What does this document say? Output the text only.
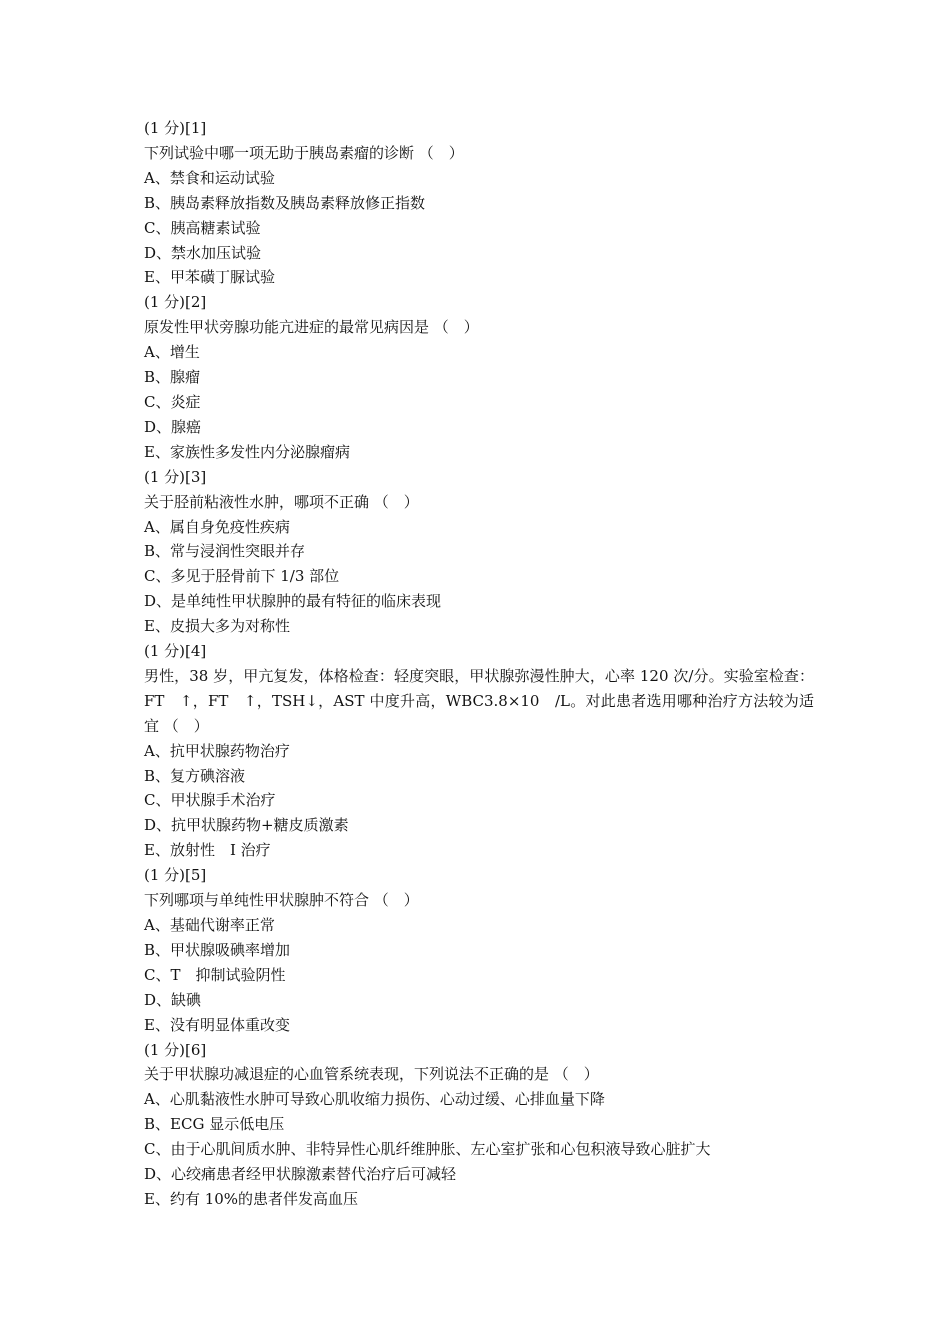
(1 分)[1]
下列试验中哪一项无助于胰岛素瘤的诊断 （　）
A、禁食和运动试验
B、胰岛素释放指数及胰岛素释放修正指数
C、胰高糖素试验
D、禁水加压试验
E、甲苯磺丁脲试验
(1 分)[2]
原发性甲状旁腺功能亢进症的最常见病因是 （　）
A、增生
B、腺瘤
C、炎症
D、腺癌
E、家族性多发性内分泌腺瘤病
(1 分)[3]
关于胫前粘液性水肿，哪项不正确 （　）
A、属自身免疫性疾病
B、常与浸润性突眼并存
C、多见于胫骨前下 1/3 部位
D、是单纯性甲状腺肿的最有特征的临床表现
E、皮损大多为对称性
(1 分)[4]
男性，38 岁，甲亢复发，体格检查：轻度突眼，甲状腺弥漫性肿大，心率 120 次/分。实验室检查：FT　↑，FT　↑，TSH↓，AST 中度升高，WBC3.8×10　/L。对此患者选用哪种治疗方法较为适宜 （　）
A、抗甲状腺药物治疗
B、复方碘溶液
C、甲状腺手术治疗
D、抗甲状腺药物+糖皮质激素
E、放射性　I 治疗
(1 分)[5]
下列哪项与单纯性甲状腺肿不符合 （　）
A、基础代谢率正常
B、甲状腺吸碘率增加
C、T　抑制试验阴性
D、缺碘
E、没有明显体重改变
(1 分)[6]
关于甲状腺功减退症的心血管系统表现，下列说法不正确的是 （　）
A、心肌黏液性水肿可导致心肌收缩力损伤、心动过缓、心排血量下降
B、ECG 显示低电压
C、由于心肌间质水肿、非特异性心肌纤维肿胀、左心室扩张和心包积液导致心脏扩大
D、心绞痛患者经甲状腺激素替代治疗后可减轻
E、约有 10%的患者伴发高血压
